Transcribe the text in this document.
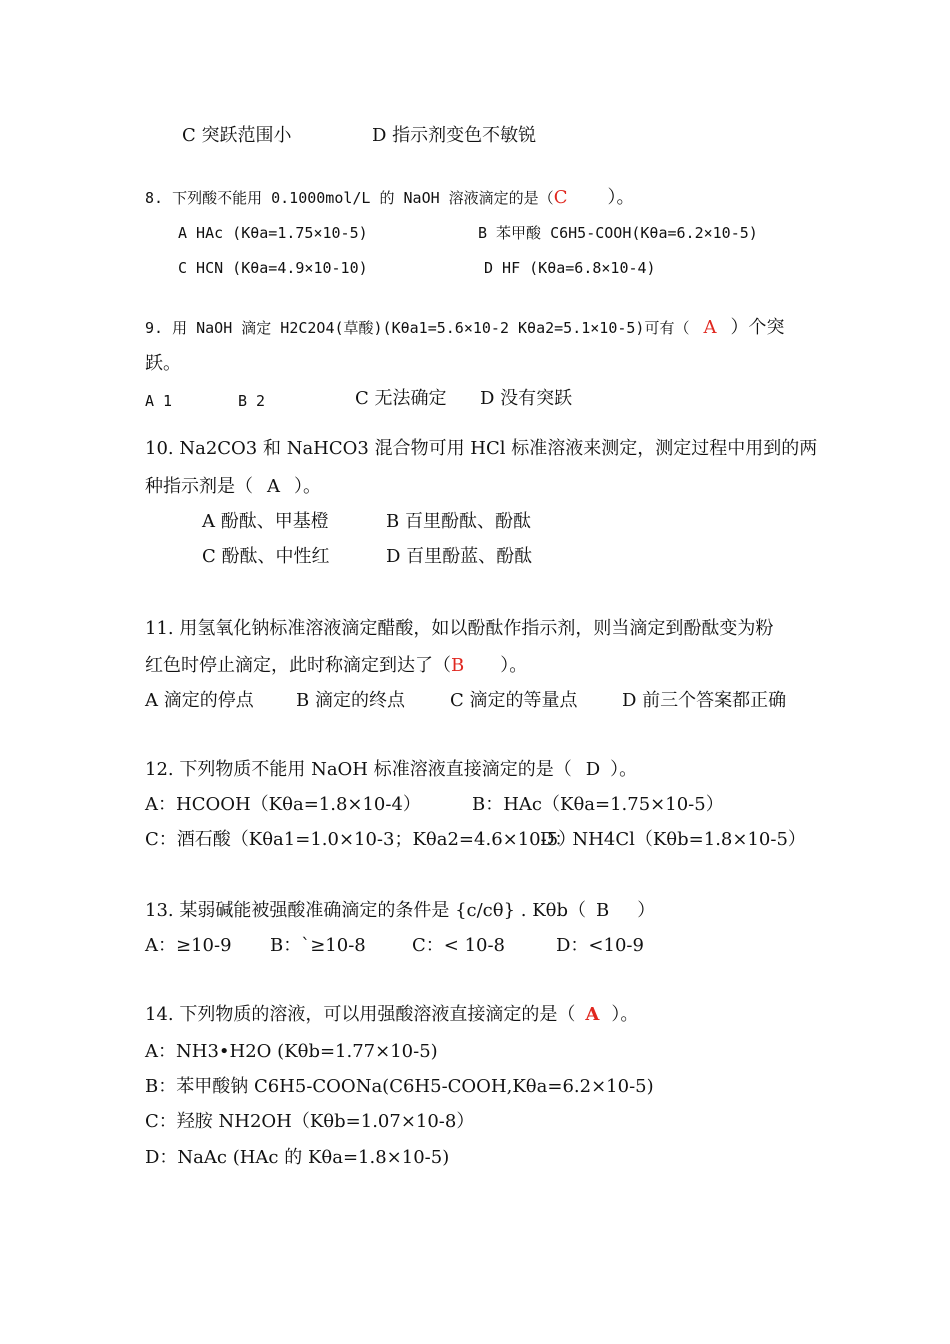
C 突跃范围小	D 指示剂变色不敏锐
8. 下列酸不能用 0.1000mol/L 的 NaOH 溶液滴定的是（C ）。
A HAc (Kθa=1.75×10-5)	B 苯甲酸 C6H5-COOH(Kθa=6.2×10-5)
C HCN (Kθa=4.9×10-10)	D HF (Kθa=6.8×10-4)
9. 用 NaOH 滴定 H2C2O4(草酸)(Kθa1=5.6×10-2 Kθa2=5.1×10-5)可有（ A ）个突
跃。
A 1	B 2	C 无法确定 D 没有突跃
10. Na2CO3 和 NaHCO3 混合物可用 HCl 标准溶液来测定，测定过程中用到的两
种指示剂是（ A ）。
A 酚酞、甲基橙	B 百里酚酞、酚酞
C 酚酞、中性红	D 百里酚蓝、酚酞
11. 用氢氧化钠标准溶液滴定醋酸，如以酚酞作指示剂，则当滴定到酚酞变为粉
红色时停止滴定，此时称滴定到达了（B ）。
A 滴定的停点 B 滴定的终点	C 滴定的等量点 D 前三个答案都正确
12. 下列物质不能用 NaOH 标准溶液直接滴定的是（ D ）。
A：HCOOH（Kθa=1.8×10-4）	B：HAc（Kθa=1.75×10-5）
C：酒石酸（Kθa1=1.0×10-3；Kθa2=4.6×10-5）
D：NH4Cl（Kθb=1.8×10-5）
13. 某弱碱能被强酸准确滴定的条件是 {c/cθ} . Kθb（ B ）
A：≥10-9 B：`≥10-8	C：< 10-8	D：<10-9
14. 下列物质的溶液，可以用强酸溶液直接滴定的是（ A ）。
A：NH3•H2O (Kθb=1.77×10-5)
B：苯甲酸钠 C6H5-COONa(C6H5-COOH,Kθa=6.2×10-5)
C：羟胺 NH2OH（Kθb=1.07×10-8）
D：NaAc (HAc 的 Kθa=1.8×10-5)
